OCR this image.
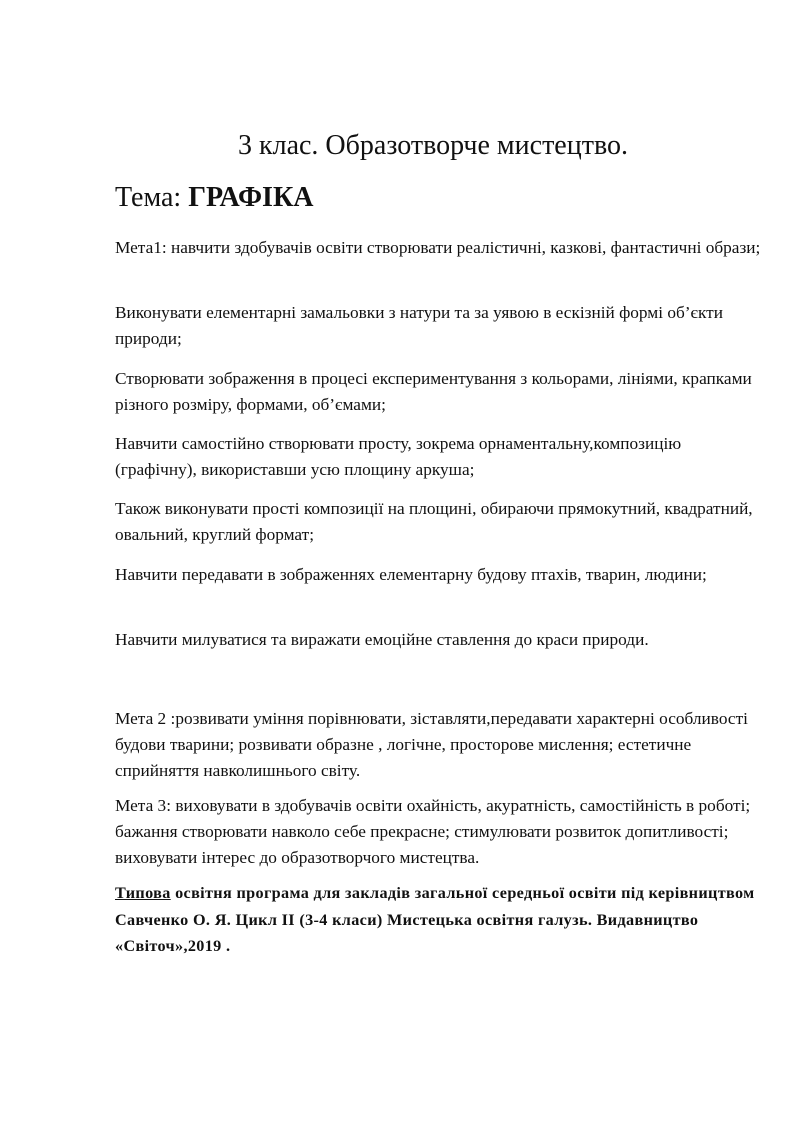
3 клас. Образотворче мистецтво.
Тема: ГРАФІКА

Мета1: навчити здобувачів освіти створювати реалістичні, казкові, фантастичні образи;

Виконувати елементарні замальовки з натури та за уявою в ескізній формі об’єкти природи;

Створювати зображення в процесі експериментування з кольорами, лініями, крапками різного розміру, формами, об’ємами;

Навчити самостійно створювати просту, зокрема орнаментальну,композицію (графічну), використавши усю площину аркуша;

Також виконувати прості композиції на площині, обираючи прямокутний, квадратний, овальний, круглий формат;

Навчити передавати в зображеннях елементарну будову птахів, тварин, людини;

Навчити милуватися та виражати емоційне ставлення до краси природи.

Мета 2 :розвивати уміння порівнювати, зіставляти,передавати характерні особливості будови тварини; розвивати образне , логічне, просторове мислення; естетичне сприйняття навколишнього світу.

Мета 3: виховувати в здобувачів освіти охайність, акуратність, самостійність в роботі; бажання створювати навколо себе прекрасне; стимулювати розвиток допитливості; виховувати інтерес до образотворчого мистецтва.

Типова освітня програма для закладів загальної середньої освіти під керівництвом Савченко О. Я. Цикл ІІ (3-4 класи) Мистецька освітня галузь. Видавництво «Світоч»,2019 .
